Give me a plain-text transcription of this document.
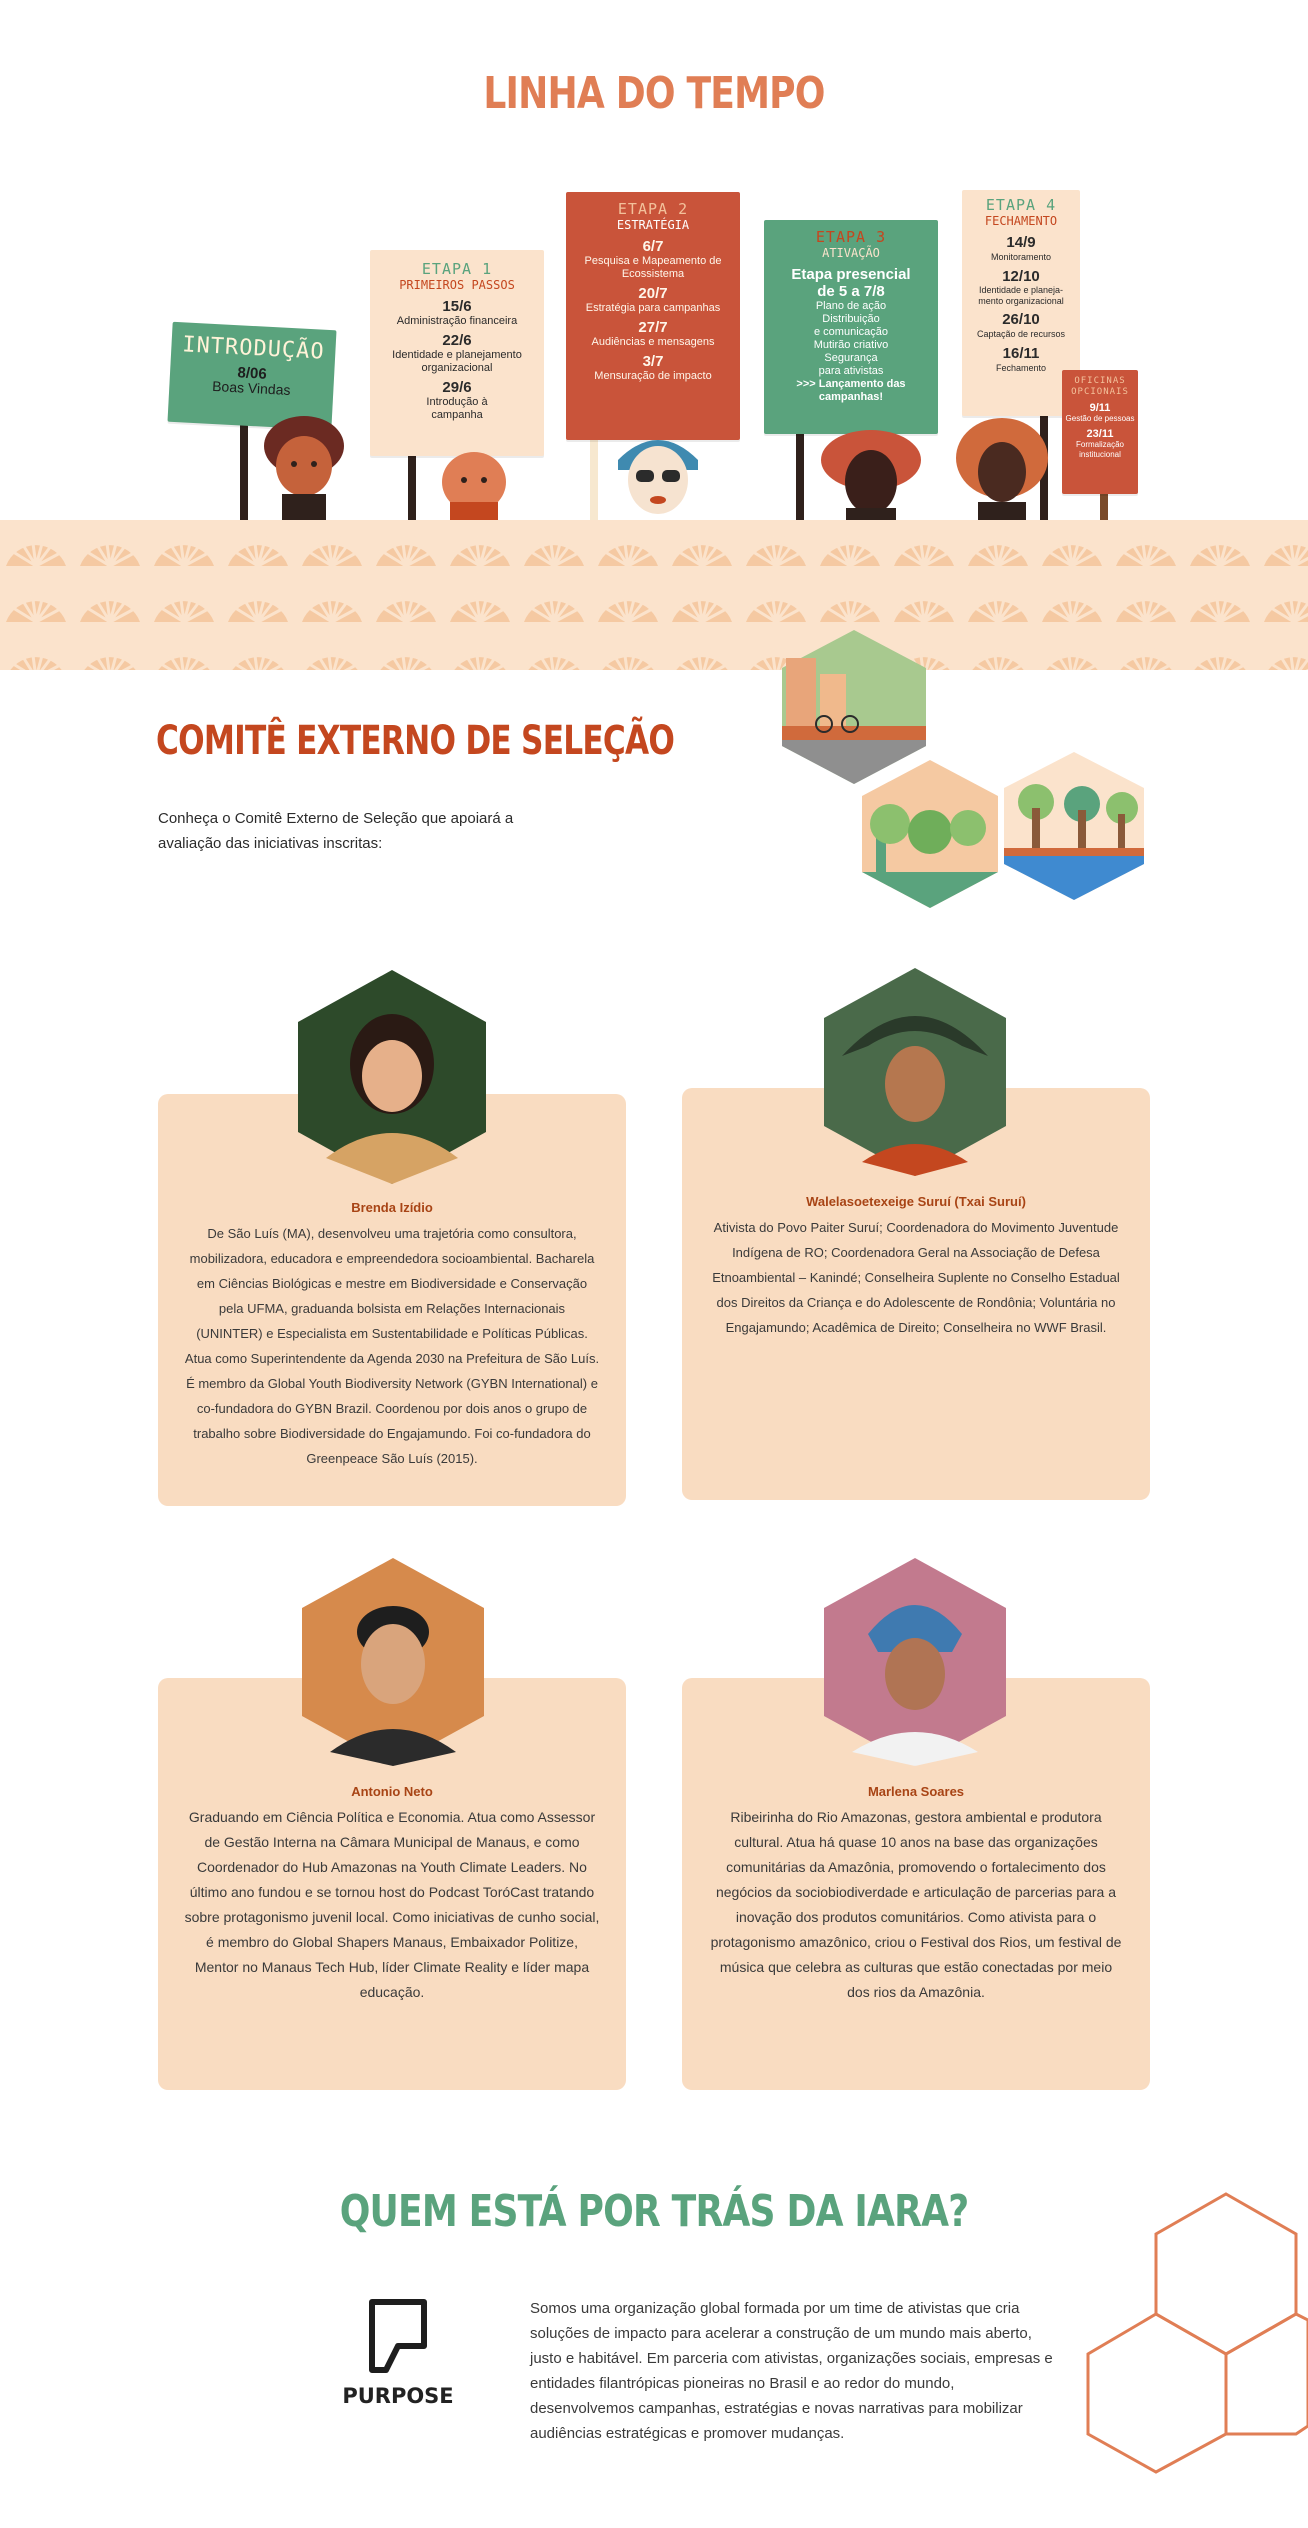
LINHA DO TEMPO
INTRODUÇÃO
8/06
Boas Vindas
ETAPA 1
PRIMEIROS PASSOS
15/6
Administração financeira
22/6
Identidade e planejamento organizacional
29/6
Introdução à campanha
ETAPA 2
ESTRATÉGIA
6/7
Pesquisa e Mapeamento de Ecossistema
20/7
Estratégia para campanhas
27/7
Audiências e mensagens
3/7
Mensuração de impacto
ETAPA 3
ATIVAÇÃO
Etapa presencial de 5 a 7/8
Plano de ação
Distribuição
e comunicação
Mutirão criativo
Segurança
para ativistas
>>> Lançamento das campanhas!
ETAPA 4
FECHAMENTO
14/9
Monitoramento
12/10
Identidade e planeja-mento organizacional
26/10
Captação de recursos
16/11
Fechamento
OFICINAS OPCIONAIS
9/11
Gestão de pessoas
23/11
Formalização institucional
COMITÊ EXTERNO DE SELEÇÃO
Conheça o Comitê Externo de Seleção que apoiará a avaliação das iniciativas inscritas:
Brenda Izídio
De São Luís (MA), desenvolveu uma trajetória como consultora, mobilizadora, educadora e empreendedora socioambiental. Bacharela em Ciências Biológicas e mestre em Biodiversidade e Conservação pela UFMA, graduanda bolsista em Relações Internacionais (UNINTER) e Especialista em Sustentabilidade e Políticas Públicas. Atua como Superintendente da Agenda 2030 na Prefeitura de São Luís. É membro da Global Youth Biodiversity Network (GYBN International) e co-fundadora do GYBN Brazil. Coordenou por dois anos o grupo de trabalho sobre Biodiversidade do Engajamundo. Foi co-fundadora do Greenpeace São Luís (2015).
Walelasoetexeige Suruí (Txai Suruí)
Ativista do Povo Paiter Suruí; Coordenadora do Movimento Juventude Indígena de RO; Coordenadora Geral na Associação de Defesa Etnoambiental – Kanindé; Conselheira Suplente no Conselho Estadual dos Direitos da Criança e do Adolescente de Rondônia; Voluntária no Engajamundo; Acadêmica de Direito; Conselheira no WWF Brasil.
Antonio Neto
Graduando em Ciência Política e Economia. Atua como Assessor de Gestão Interna na Câmara Municipal de Manaus, e como Coordenador do Hub Amazonas na Youth Climate Leaders. No último ano fundou e se tornou host do Podcast ToróCast tratando sobre protagonismo juvenil local. Como iniciativas de cunho social, é membro do Global Shapers Manaus, Embaixador Politize, Mentor no Manaus Tech Hub, líder Climate Reality e líder mapa educação.
Marlena Soares
Ribeirinha do Rio Amazonas, gestora ambiental e produtora cultural. Atua há quase 10 anos na base das organizações comunitárias da Amazônia, promovendo o fortalecimento dos negócios da sociobiodiverdade e articulação de parcerias para a inovação dos produtos comunitários. Como ativista para o protagonismo amazônico, criou o Festival dos Rios, um festival de música que celebra as culturas que estão conectadas por meio dos rios da Amazônia.
QUEM ESTÁ POR TRÁS DA IARA?
PURPOSE
Somos uma organização global formada por um time de ativistas que cria soluções de impacto para acelerar a construção de um mundo mais aberto, justo e habitável. Em parceria com ativistas, organizações sociais, empresas e entidades filantrópicas pioneiras no Brasil e ao redor do mundo, desenvolvemos campanhas, estratégias e novas narrativas para mobilizar audiências estratégicas e promover mudanças.
